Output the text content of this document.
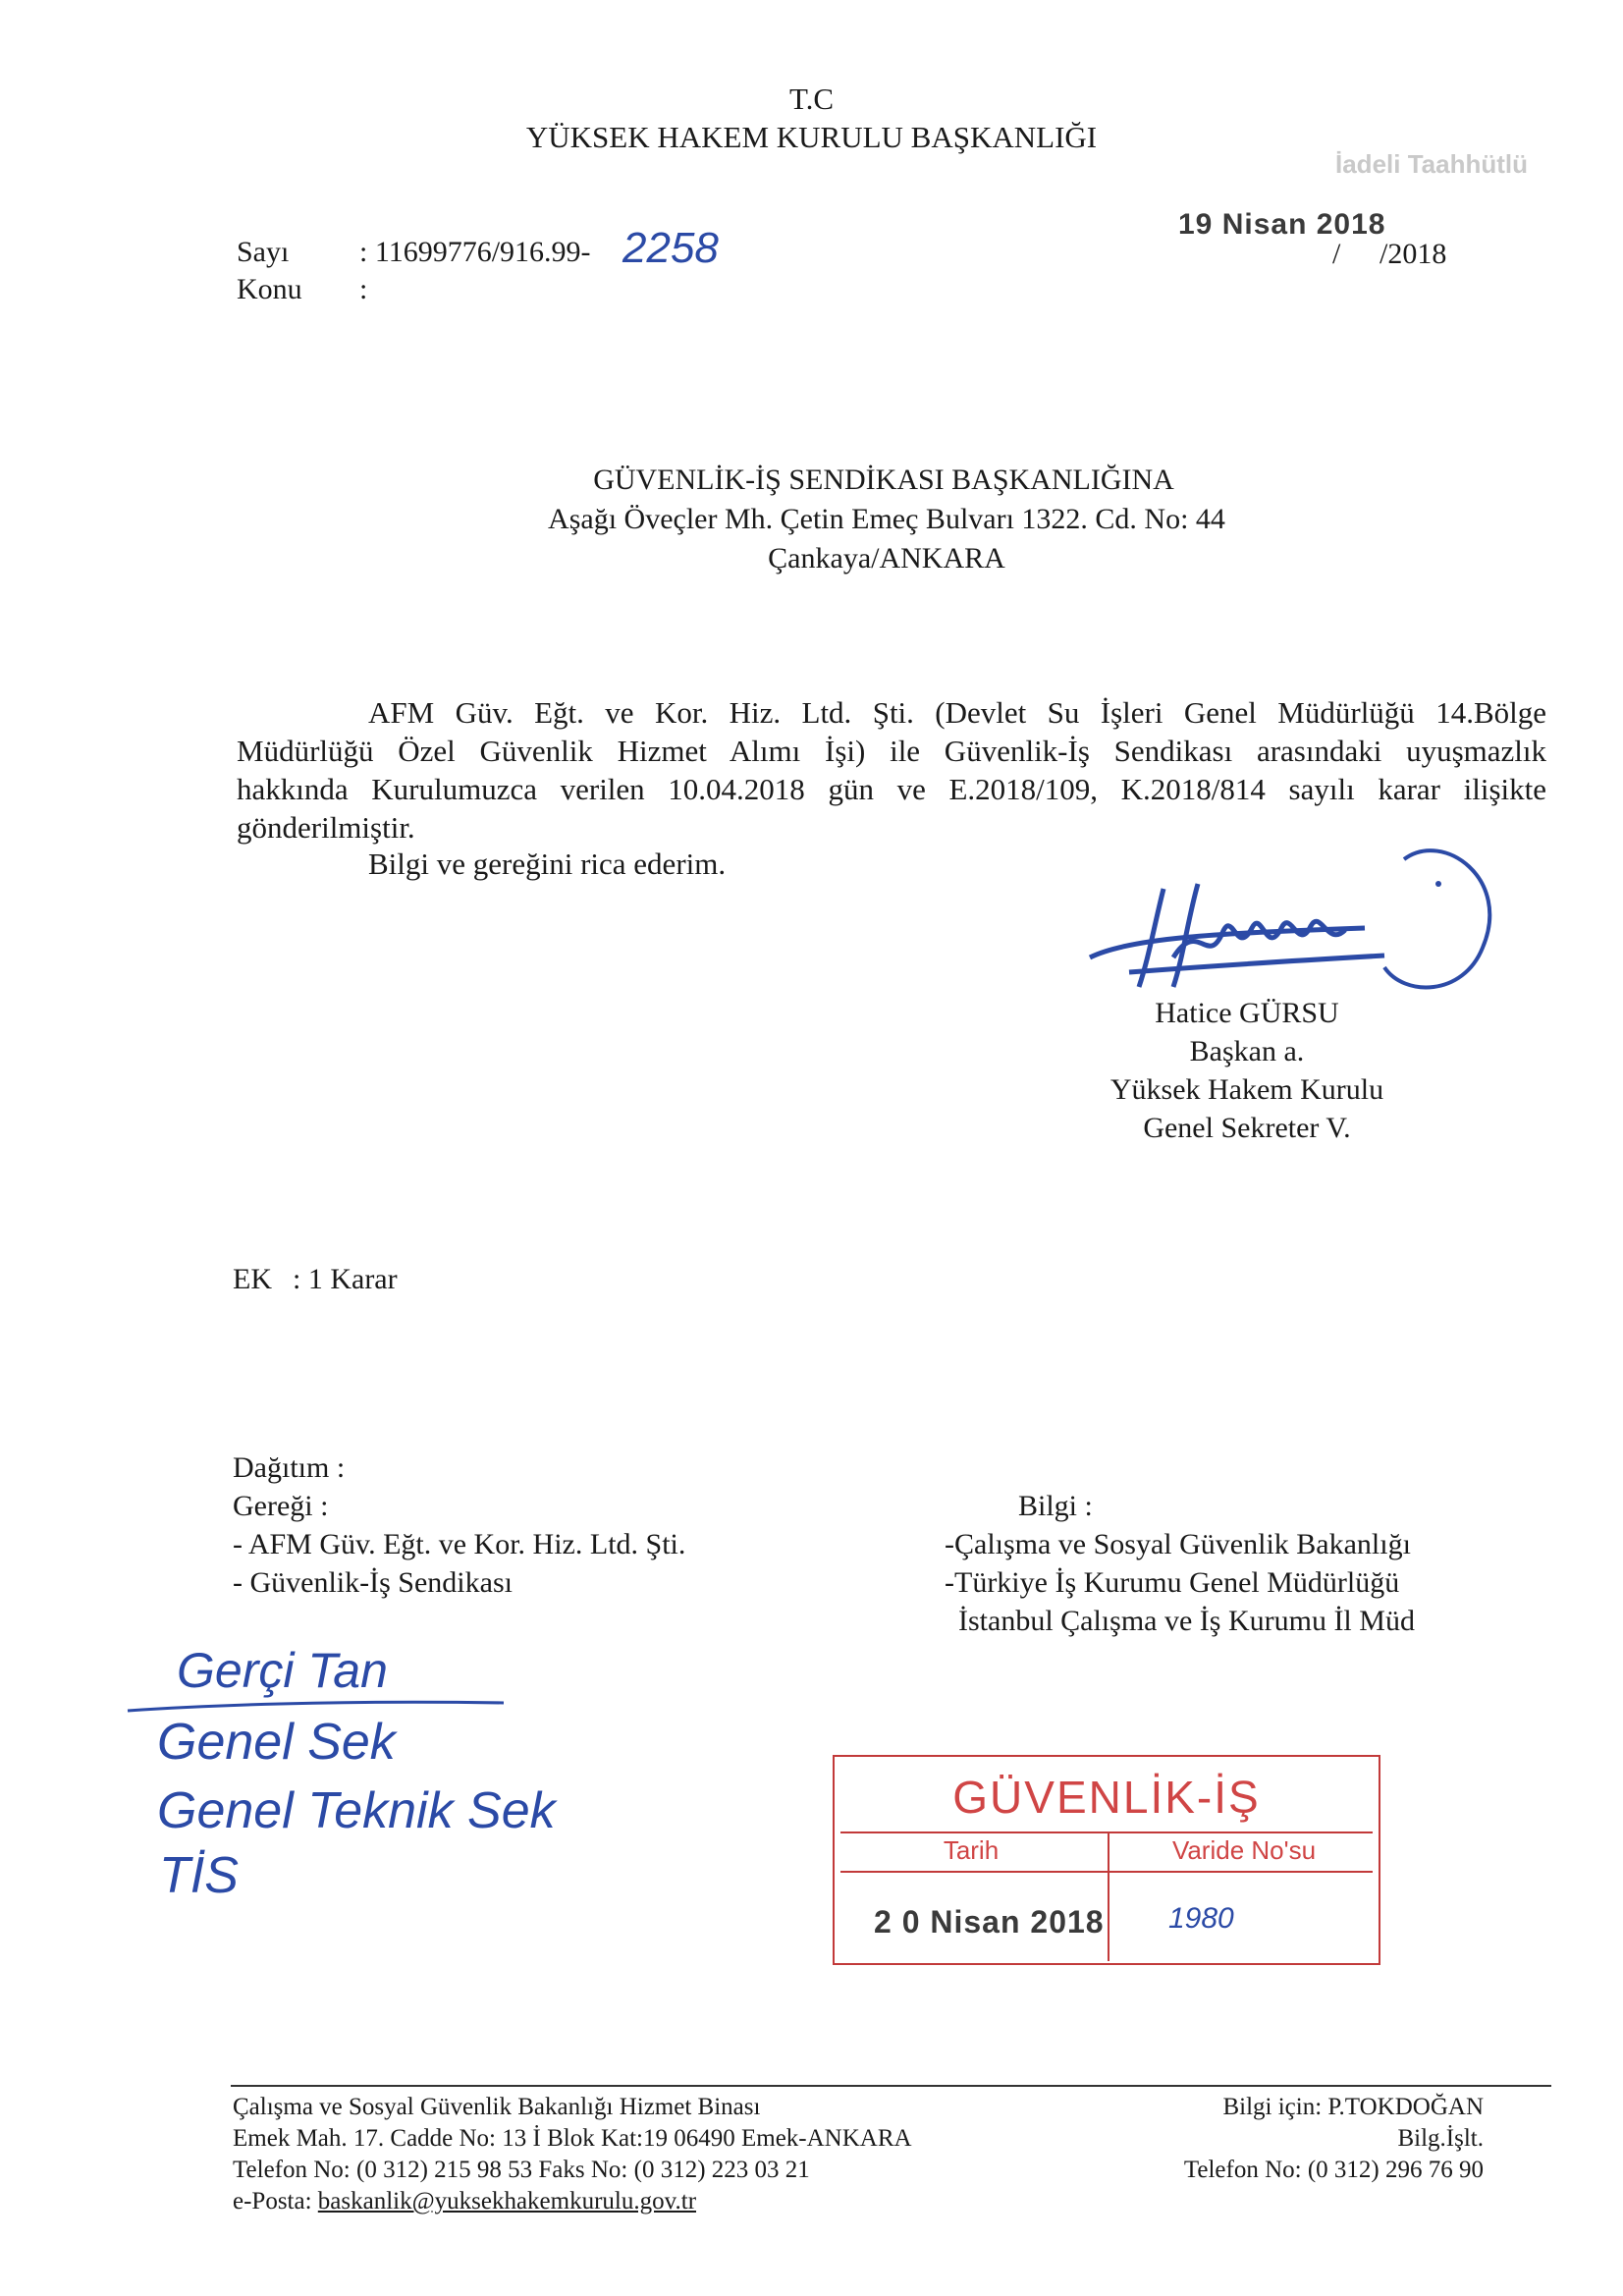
T.C
YÜKSEK HAKEM KURULU BAŞKANLIĞI
İadeli Taahhütlü
Sayı : 11699776/916.99- 2258
Konu :
19 Nisan 2018
/ /2018
GÜVENLİK-İŞ SENDİKASI BAŞKANLIĞINA
Aşağı Öveçler Mh. Çetin Emeç Bulvarı 1322. Cd. No: 44
Çankaya/ANKARA
AFM Güv. Eğt. ve Kor. Hiz. Ltd. Şti. (Devlet Su İşleri Genel Müdürlüğü 14.Bölge
Müdürlüğü Özel Güvenlik Hizmet Alımı İşi) ile Güvenlik-İş Sendikası arasındaki uyuşmazlık
hakkında Kurulumuzca verilen 10.04.2018 gün ve E.2018/109, K.2018/814 sayılı karar ilişikte
gönderilmiştir.
Bilgi ve gereğini rica ederim.
Hatice GÜRSU
Başkan a.
Yüksek Hakem Kurulu
Genel Sekreter V.
EK : 1 Karar
Dağıtım :
Gereği :
- AFM Güv. Eğt. ve Kor. Hiz. Ltd. Şti.
- Güvenlik-İş Sendikası
Bilgi :
-Çalışma ve Sosyal Güvenlik Bakanlığı
-Türkiye İş Kurumu Genel Müdürlüğü
İstanbul Çalışma ve İş Kurumu İl Müd
Gerçi Tan
Genel Sek
Genel Teknik Sek
TİS
GÜVENLİK-İŞ
Tarih	Varide No'su
2 0 Nisan 2018 1980
Çalışma ve Sosyal Güvenlik Bakanlığı Hizmet Binası
Emek Mah. 17. Cadde No: 13 İ Blok Kat:19 06490 Emek-ANKARA
Telefon No: (0 312) 215 98 53 Faks No: (0 312) 223 03 21
e-Posta: baskanlik@yuksekhakemkurulu.gov.tr
Bilgi için: P.TOKDOĞAN
Bilg.İşlt.
Telefon No: (0 312) 296 76 90
